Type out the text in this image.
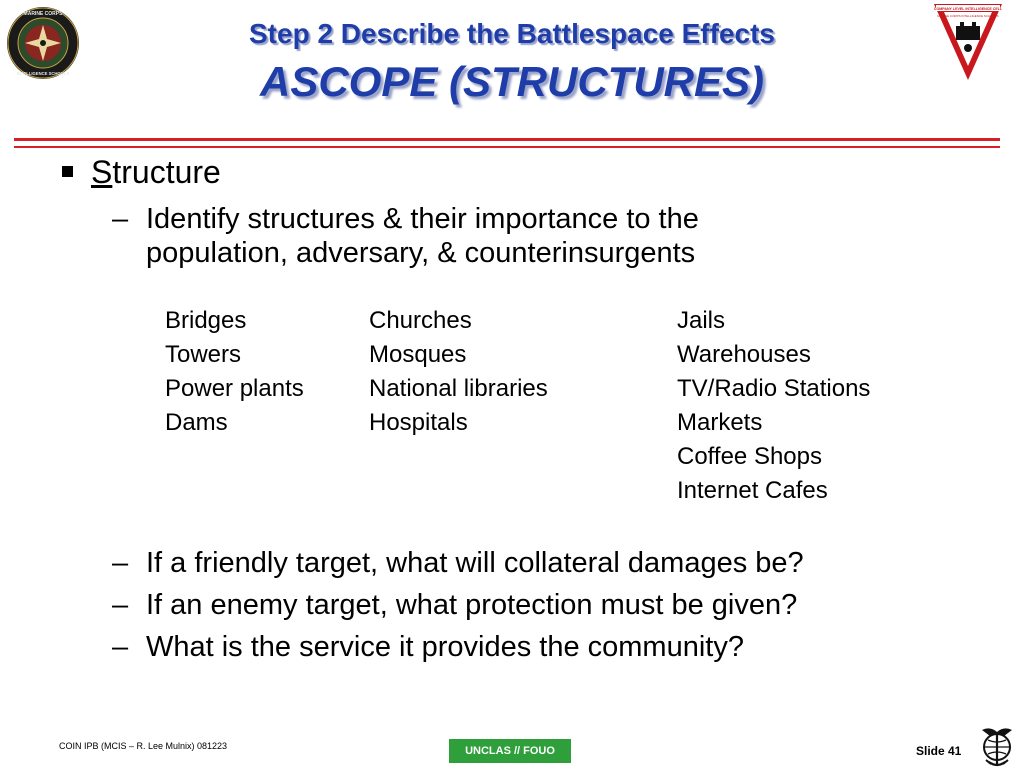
MARINE CORPS
INTELLIGENCE SCHOOLS
COMPANY LEVEL INTELLIGENCE CELL
MARINE CORPS INTELLIGENCE SCHOOLS
Step 2 Describe the Battlespace Effects
ASCOPE (STRUCTURES)
Structure
– Identify structures & their importance to the
population, adversary, & counterinsurgents
Bridges
Towers
Power plants
Dams
Churches
Mosques
National libraries
Hospitals
Jails
Warehouses
TV/Radio Stations
Markets
Coffee Shops
Internet Cafes
– If a friendly target, what will collateral damages be?
– If an enemy target, what protection must be given?
– What is the service it provides the community?
COIN IPB (MCIS – R. Lee Mulnix) 081223	UNCLAS // FOUO	Slide 41
